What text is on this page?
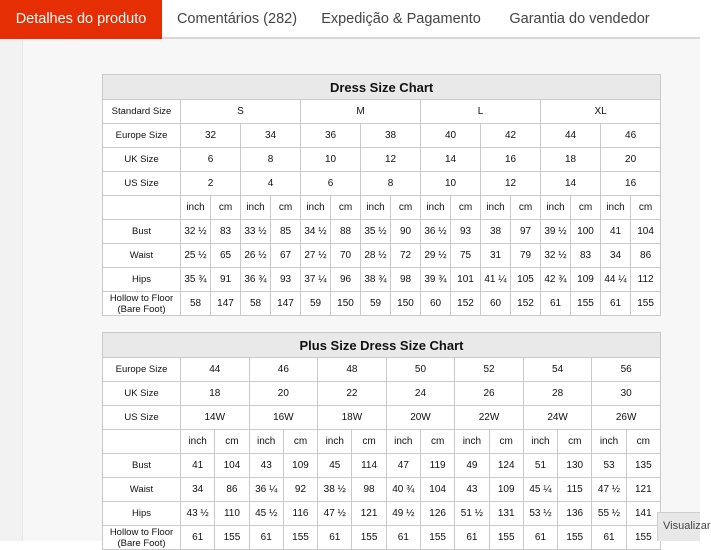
Detalhes do produto	Comentários (282)	Expedição & Pagamento	Garantia do vendedor
Dress Size Chart																
Standard Size	S				M				L				XL			
Europe Size	32		34		36		38		40		42		44		46	
UK Size	6		8		10		12		14		16		18		20	
US Size	2		4		6		8		10		12		14		16	
	inch	cm	inch	cm	inch	cm	inch	cm	inch	cm	inch	cm	inch	cm	inch	cm
Bust	32 ½	83	33 ½	85	34 ½	88	35 ½	90	36 ½	93	38	97	39 ½	100	41	104
Waist	25 ½	65	26 ½	67	27 ½	70	28 ½	72	29 ½	75	31	79	32 ½	83	34	86
Hips	35 ¾	91	36 ¾	93	37 ¼	96	38 ¾	98	39 ¾	101	41 ¼	105	42 ¾	109	44 ¼	112
Hollow to Floor (Bare Foot)	58	147	58	147	59	150	59	150	60	152	60	152	61	155	61	155
Plus Size Dress Size Chart														
Europe Size	44		46		48		50		52		54		56	
UK Size	18		20		22		24		26		28		30	
US Size	14W		16W		18W		20W		22W		24W		26W	
	inch	cm	inch	cm	inch	cm	inch	cm	inch	cm	inch	cm	inch	cm
Bust	41	104	43	109	45	114	47	119	49	124	51	130	53	135
Waist	34	86	36 ¼	92	38 ½	98	40 ¾	104	43	109	45 ¼	115	47 ½	121
Hips	43 ½	110	45 ½	116	47 ½	121	49 ½	126	51 ½	131	53 ½	136	55 ½	141
Hollow to Floor (Bare Foot)	61	155	61	155	61	155	61	155	61	155	61	155	61	155
Visualizar
